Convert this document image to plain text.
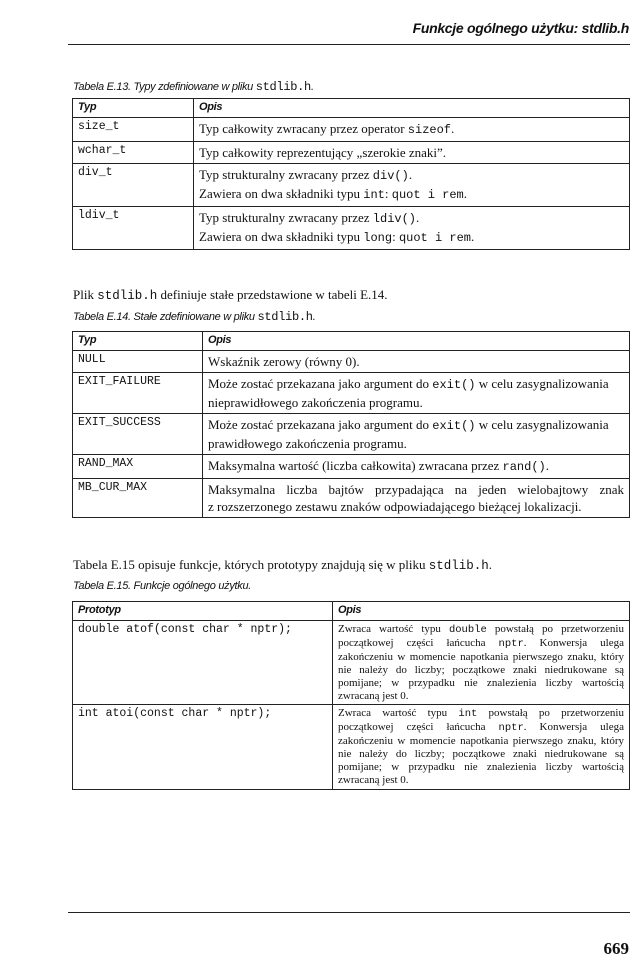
Funkcje ogólnego użytku: stdlib.h
Tabela E.13. Typy zdefiniowane w pliku stdlib.h.
Typ	Opis
size_t	Typ całkowity zwracany przez operator sizeof.
wchar_t	Typ całkowity reprezentujący „szerokie znaki”.
div_t	Typ strukturalny zwracany przez div().
Zawiera on dwa składniki typu int: quot i rem.

ldiv_t	Typ strukturalny zwracany przez ldiv().
Zawiera on dwa składniki typu long: quot i rem.
Plik stdlib.h definiuje stałe przedstawione w tabeli E.14.
Tabela E.14. Stałe zdefiniowane w pliku stdlib.h.
Typ	Opis
NULL	Wskaźnik zerowy (równy 0).
EXIT_FAILURE	Może zostać przekazana jako argument do exit() w celu zasygnalizowania
nieprawidłowego zakończenia programu.

EXIT_SUCCESS	Może zostać przekazana jako argument do exit() w celu zasygnalizowania
prawidłowego zakończenia programu.

RAND_MAX	Maksymalna wartość (liczba całkowita) zwracana przez rand().
MB_CUR_MAX	Maksymalna liczba bajtów przypadająca na jeden wielobajtowy znak
z rozszerzonego zestawu znaków odpowiadającego bieżącej lokalizacji.
Tabela E.15 opisuje funkcje, których prototypy znajdują się w pliku stdlib.h.
Tabela E.15. Funkcje ogólnego użytku.
Prototyp	Opis
double atof(const char * nptr);	Zwraca wartość typu double powstałą po przetworzeniu początkowej części łańcucha nptr. Konwersja ulega zakończeniu w momencie napotkania pierwszego znaku, który nie należy do liczby; początkowe znaki niedrukowane są pomijane; w przypadku nie znalezienia liczby wartością zwracaną jest 0.
int atoi(const char * nptr);	Zwraca wartość typu int powstałą po przetworzeniu początkowej części łańcucha nptr. Konwersja ulega zakończeniu w momencie napotkania pierwszego znaku, który nie należy do liczby; początkowe znaki niedrukowane są pomijane; w przypadku nie znalezienia liczby wartością zwracaną jest 0.
669
